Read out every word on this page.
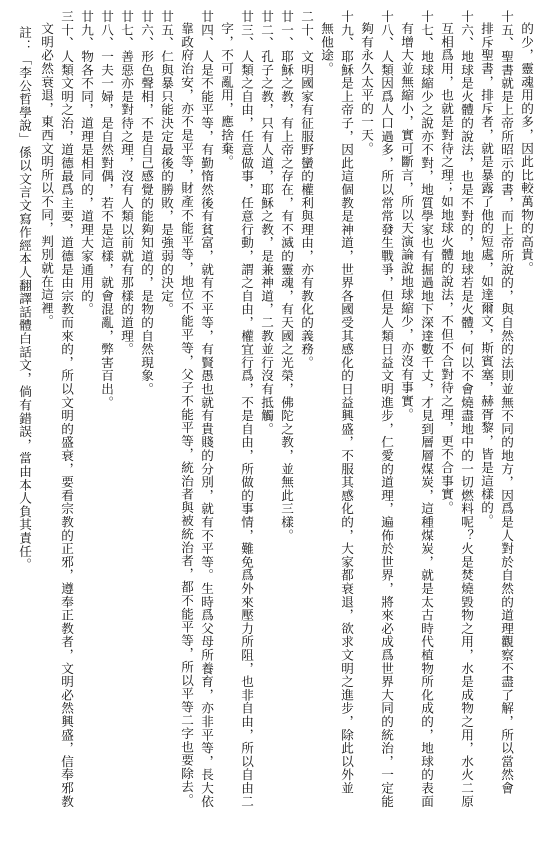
的少，靈魂用的多，因此比較萬物的高貴。
十五、聖書就是上帝所昭示的書，而上帝所說的，與自然的法則並無不同的地方，因爲是人對於自然的道理觀察不盡了解，所以當然會
排斥聖書，排斥者，就是暴露了他的短處，如達爾文，斯賓塞，赫胥黎，皆是這樣的。
十六、地球是火體的說法，也是不對的，地球若是火體，何以不會燒盡地中的一切燃料呢？火是焚燒毀物之用，水是成物之用，水火二原
互相爲用，也就是對待之理；如地球火體的說法，不但不合對待之理，更不合事實。
十七、地球縮少之說亦不對，地質學家也有掘過地下深達數千丈，才見到層層煤炭，這種煤炭，就是太古時代植物所化成的，地球的表面
有增大並無縮小，實可斷言，所以天演論說地球縮少，亦沒有事實。
十八、人類因爲人口過多，所以常常發生戰爭，但是人類日益文明進步，仁愛的道理，遍佈於世界，將來必成爲世界大同的統治，一定能
夠有永久太平的一天。
十九、耶穌是上帝子，因此這個教是神道，世界各國受其感化的日益興盛，不服其感化的，大家都衰退，欲求文明之進步，除此以外並
無他途。
二十、文明國家有征服野蠻的權利與理由，亦有教化的義務。
廿一、耶穌之教，有上帝之存在，有不滅的靈魂，有天國之光榮，佛陀之教，並無此三樣。
廿二、孔子之教，只有人道，耶穌之教，是兼神道，二教並行沒有抵觸。
廿三、人類之自由，任意做事，任意行動，謂之自由，權宜行爲，不是自由，所做的事情，難免爲外來壓力所阻，也非自由，所以自由二
字，不可亂用，應捨棄。
廿四、人是不能平等，有勤惰然後有貧富，就有不平等，有賢愚也就有貴賤的分別，就有不平等。生時爲父母所養育，亦非平等，長大依
靠政府治安，亦不是平等，財產不能平等，地位不能平等，父子不能平等，統治者與被統治者，都不能平等，所以平等二字也要除去。
廿五、仁與暴只能決定最後的勝敗，是強弱的決定。
廿六、形色聲相，不是自己感覺的能夠知道的，是物的自然現象。
廿七、善惡亦是對待之理，沒有人類以前就有那樣的道理。
廿八、一夫一婦，是自然對偶，若不是這樣，就會混亂，弊害百出。
廿九、物各不同，道理是相同的，道理大家通用的。
三十、人類文明之治，道德最爲主要，道德是由宗教而來的，所以文明的盛衰，要看宗教的正邪，遵奉正教者，文明必然興盛，信奉邪教
文明必然衰退，東西文明所以不同，判別就在這裡。
註：「李公哲學說」係以文言文寫作經本人翻譯話體白話文，倘有錯誤，當由本人負其責任。
